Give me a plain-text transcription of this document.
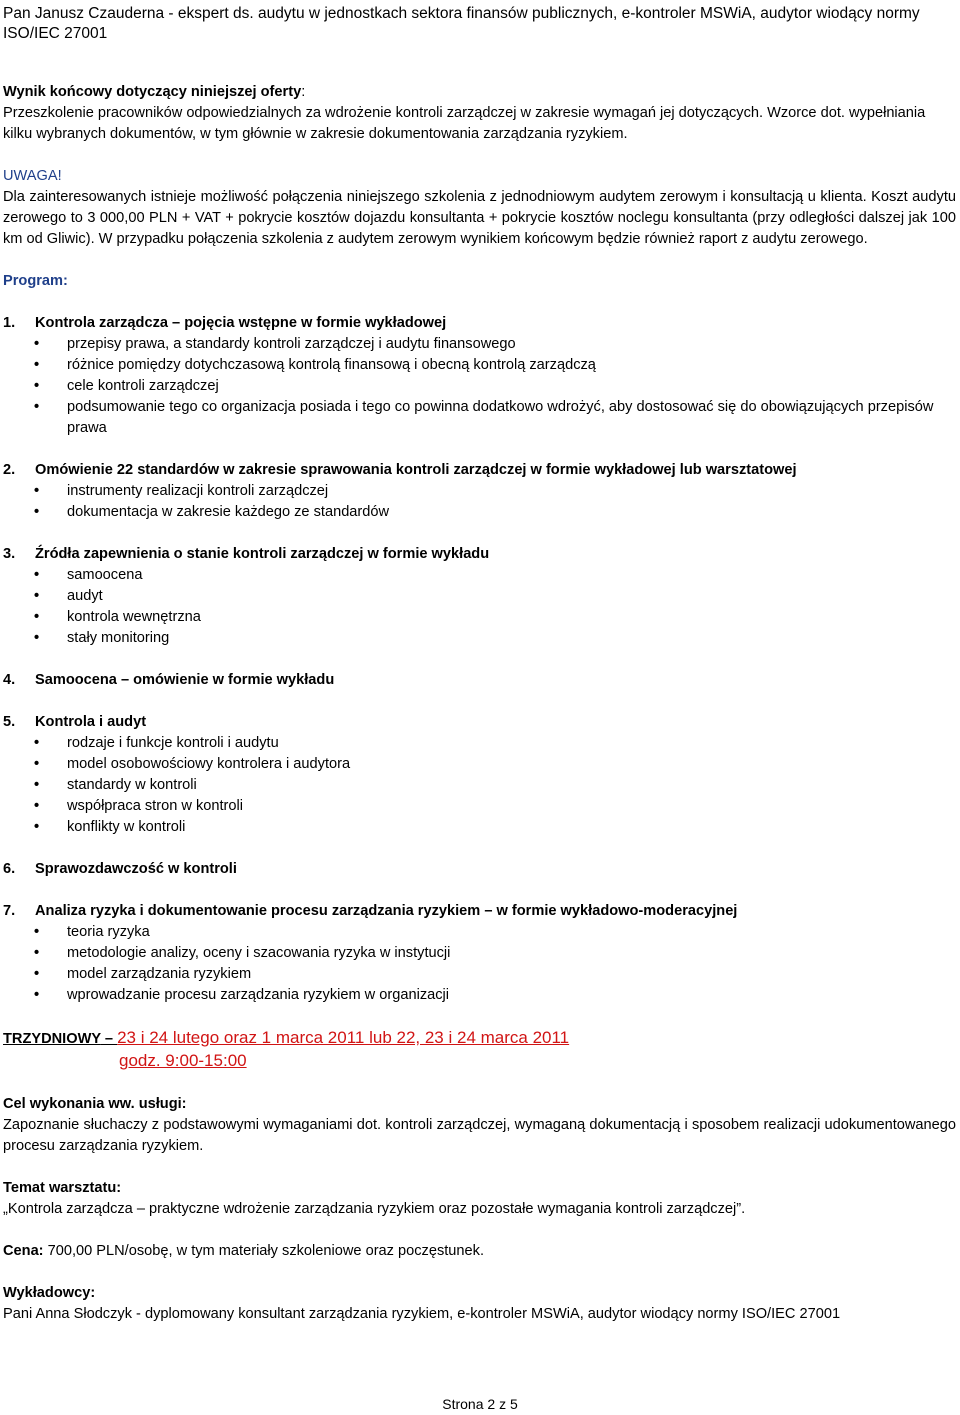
Pan Janusz Czauderna - ekspert ds. audytu w jednostkach sektora finansów publicznych, e-kontroler MSWiA, audytor wiodący normy ISO/IEC 27001

Wynik końcowy dotyczący niniejszej oferty:

Przeszkolenie pracowników odpowiedzialnych za wdrożenie kontroli zarządczej w zakresie wymagań jej dotyczących. Wzorce dot. wypełniania kilku wybranych dokumentów, w tym głównie w zakresie dokumentowania zarządzania ryzykiem.

UWAGA!

Dla zainteresowanych istnieje możliwość połączenia niniejszego szkolenia z jednodniowym audytem zerowym i konsultacją u klienta. Koszt audytu zerowego to 3 000,00 PLN + VAT + pokrycie kosztów dojazdu konsultanta + pokrycie kosztów noclegu konsultanta (przy odległości dalszej jak 100 km od Gliwic). W przypadku połączenia szkolenia z audytem zerowym wynikiem końcowym będzie również raport z audytu zerowego.

Program:

1. Kontrola zarządcza – pojęcia wstępne w formie wykładowej

• przepisy prawa, a standardy kontroli zarządczej i audytu finansowego
• różnice pomiędzy dotychczasową kontrolą finansową i obecną kontrolą zarządczą
• cele kontroli zarządczej
• podsumowanie tego co organizacja posiada i tego co powinna dodatkowo wdrożyć, aby dostosować się do obowiązujących przepisów prawa

2. Omówienie 22 standardów w zakresie sprawowania kontroli zarządczej w formie wykładowej lub warsztatowej

• instrumenty realizacji kontroli zarządczej
• dokumentacja w zakresie każdego ze standardów

3. Źródła zapewnienia o stanie kontroli zarządczej w formie wykładu

• samoocena
• audyt
• kontrola wewnętrzna
• stały monitoring

4. Samoocena – omówienie w formie wykładu

5. Kontrola i audyt

• rodzaje i funkcje kontroli i audytu
• model osobowościowy kontrolera i audytora
• standardy w kontroli
• współpraca stron w kontroli
• konflikty w kontroli

6. Sprawozdawczość w kontroli

7. Analiza ryzyka i dokumentowanie procesu zarządzania ryzykiem – w formie wykładowo-moderacyjnej

• teoria ryzyka
• metodologie analizy, oceny i szacowania ryzyka w instytucji
• model zarządzania ryzykiem
• wprowadzanie procesu zarządzania ryzykiem w organizacji

TRZYDNIOWY – 23 i 24 lutego oraz 1 marca 2011 lub 22, 23 i 24 marca 2011

godz. 9:00-15:00

Cel wykonania ww. usługi:

Zapoznanie słuchaczy z podstawowymi wymaganiami dot. kontroli zarządczej, wymaganą dokumentacją i sposobem realizacji udokumentowanego procesu zarządzania ryzykiem.

Temat warsztatu:

„Kontrola zarządcza – praktyczne wdrożenie zarządzania ryzykiem oraz pozostałe wymagania kontroli zarządczej”.

Cena: 700,00 PLN/osobę, w tym materiały szkoleniowe oraz poczęstunek.

Wykładowcy:

Pani Anna Słodczyk - dyplomowany konsultant zarządzania ryzykiem, e-kontroler MSWiA, audytor wiodący normy ISO/IEC 27001

Strona 2 z 5
